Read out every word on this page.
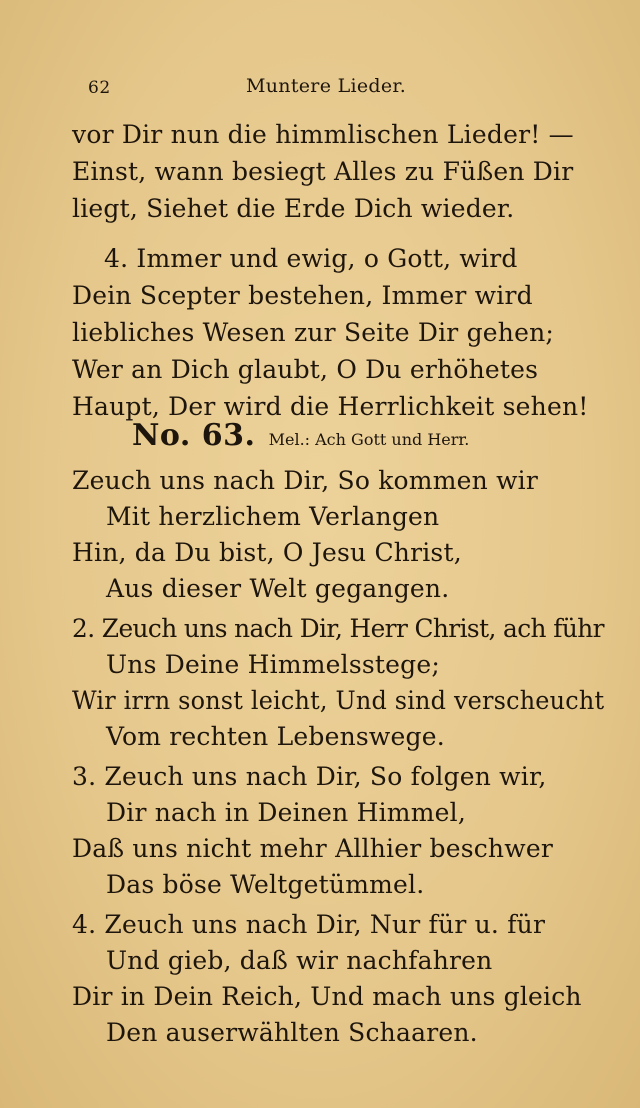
62	Muntere Lieder.
vor Dir nun die himmlischen Lieder! —
Einst, wann besiegt Alles zu Füßen Dir
liegt, Siehet die Erde Dich wieder.
4. Immer und ewig, o Gott, wird
Dein Scepter bestehen, Immer wird
liebliches Wesen zur Seite Dir gehen;
Wer an Dich glaubt, O Du erhöhetes
Haupt, Der wird die Herrlichkeit sehen!
No. 63. Mel.: Ach Gott und Herr.
Zeuch uns nach Dir, So kommen wir
Mit herzlichem Verlangen
Hin, da Du bist, O Jesu Christ,
Aus dieser Welt gegangen.
2. Zeuch uns nach Dir, Herr Christ, ach führ
Uns Deine Himmelsstege;
Wir irrn sonst leicht, Und sind verscheucht
Vom rechten Lebenswege.
3. Zeuch uns nach Dir, So folgen wir,
Dir nach in Deinen Himmel,
Daß uns nicht mehr Allhier beschwer
Das böse Weltgetümmel.
4. Zeuch uns nach Dir, Nur für u. für
Und gieb, daß wir nachfahren
Dir in Dein Reich, Und mach uns gleich
Den auserwählten Schaaren.
